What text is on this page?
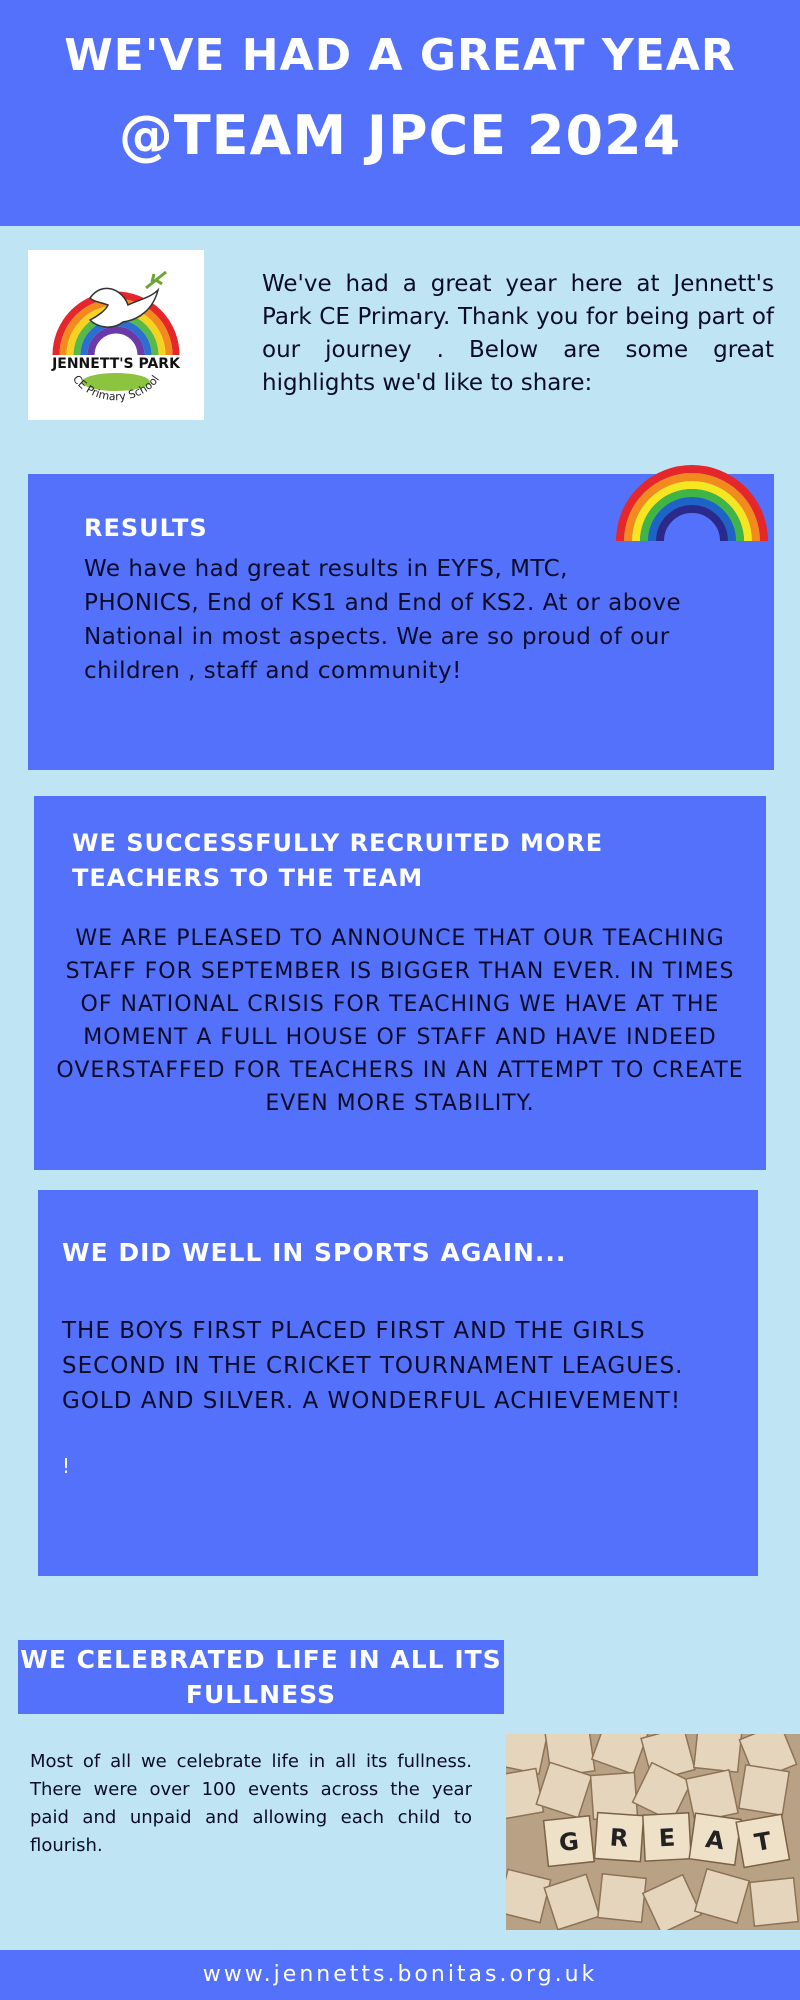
WE'VE HAD A GREAT YEAR
@TEAM JPCE 2024
JENNETT'S PARK
CE Primary School
We've had a great year here at Jennett's Park CE Primary. Thank you for being part of our journey . Below are some great highlights we'd like to share:
RESULTS
We have had great results in EYFS, MTC, PHONICS, End of KS1 and End of KS2. At or above National in most aspects. We are so proud of our children , staff and community!
WE SUCCESSFULLY RECRUITED MORE TEACHERS TO THE TEAM
WE ARE PLEASED TO ANNOUNCE THAT OUR TEACHING STAFF FOR SEPTEMBER IS BIGGER THAN EVER. IN TIMES OF NATIONAL CRISIS FOR TEACHING WE HAVE AT THE MOMENT A FULL HOUSE OF STAFF AND HAVE INDEED OVERSTAFFED FOR TEACHERS IN AN ATTEMPT TO CREATE EVEN MORE STABILITY.
WE DID WELL IN SPORTS AGAIN...
THE BOYS FIRST PLACED FIRST AND THE GIRLS SECOND IN THE CRICKET TOURNAMENT LEAGUES. GOLD AND SILVER. A WONDERFUL ACHIEVEMENT!
!
WE CELEBRATED LIFE IN ALL ITS FULLNESS
Most of all we celebrate life in all its fullness. There were over 100 events across the year paid and unpaid and allowing each child to flourish.	G R E A T
www.jennetts.bonitas.org.uk
